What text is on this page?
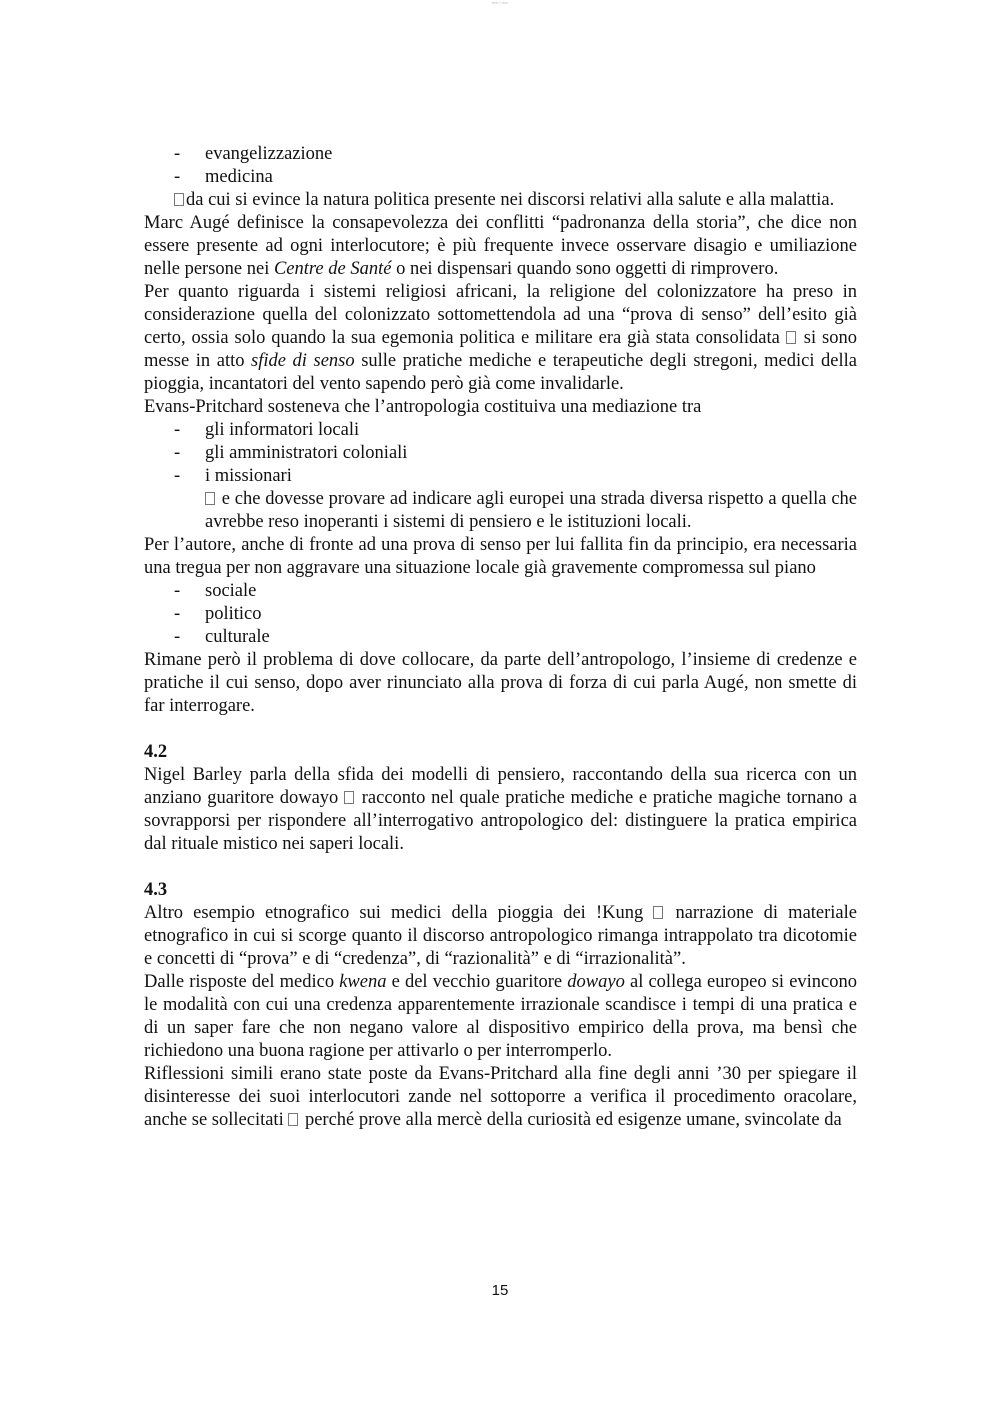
text / doc
-	evangelizzazione
-	medicina
da cui si evince la natura politica presente nei discorsi relativi alla salute e alla malattia.
Marc Augé definisce la consapevolezza dei conflitti “padronanza della storia”, che dice non essere presente ad ogni interlocutore; è più frequente invece osservare disagio e umiliazione nelle persone nei Centre de Santé o nei dispensari quando sono oggetti di rimprovero.
Per quanto riguarda i sistemi religiosi africani, la religione del colonizzatore ha preso in considerazione quella del colonizzato sottomettendola ad una “prova di senso” dell’esito già certo, ossia solo quando la sua egemonia politica e militare era già stata consolidata  si sono messe in atto sfide di senso sulle pratiche mediche e terapeutiche degli stregoni, medici della pioggia, incantatori del vento sapendo però già come invalidarle.
Evans-Pritchard sosteneva che l’antropologia costituiva una mediazione tra
-	gli informatori locali
-	gli amministratori coloniali
-	i missionari
e che dovesse provare ad indicare agli europei una strada diversa rispetto a quella che avrebbe reso inoperanti i sistemi di pensiero e le istituzioni locali.
Per l’autore, anche di fronte ad una prova di senso per lui fallita fin da principio, era necessaria una tregua per non aggravare una situazione locale già gravemente compromessa sul piano
-	sociale
-	politico
-	culturale
Rimane però il problema di dove collocare, da parte dell’antropologo, l’insieme di credenze e pratiche il cui senso, dopo aver rinunciato alla prova di forza di cui parla Augé, non smette di far interrogare.
4.2
Nigel Barley parla della sfida dei modelli di pensiero, raccontando della sua ricerca con un anziano guaritore dowayo  racconto nel quale pratiche mediche e pratiche magiche tornano a sovrapporsi per rispondere all’interrogativo antropologico del: distinguere la pratica empirica dal rituale mistico nei saperi locali.
4.3
Altro esempio etnografico sui medici della pioggia dei !Kung  narrazione di materiale etnografico in cui si scorge quanto il discorso antropologico rimanga intrappolato tra dicotomie e concetti di “prova” e di “credenza”, di “razionalità” e di “irrazionalità”.
Dalle risposte del medico kwena e del vecchio guaritore dowayo al collega europeo si evincono le modalità con cui una credenza apparentemente irrazionale scandisce i tempi di una pratica e di un saper fare che non negano valore al dispositivo empirico della prova, ma bensì che richiedono una buona ragione per attivarlo o per interromperlo.
Riflessioni simili erano state poste da Evans-Pritchard alla fine degli anni ’30 per spiegare il disinteresse dei suoi interlocutori zande nel sottoporre a verifica il procedimento oracolare, anche se sollecitati  perché prove alla mercè della curiosità ed esigenze umane, svincolate da
15
